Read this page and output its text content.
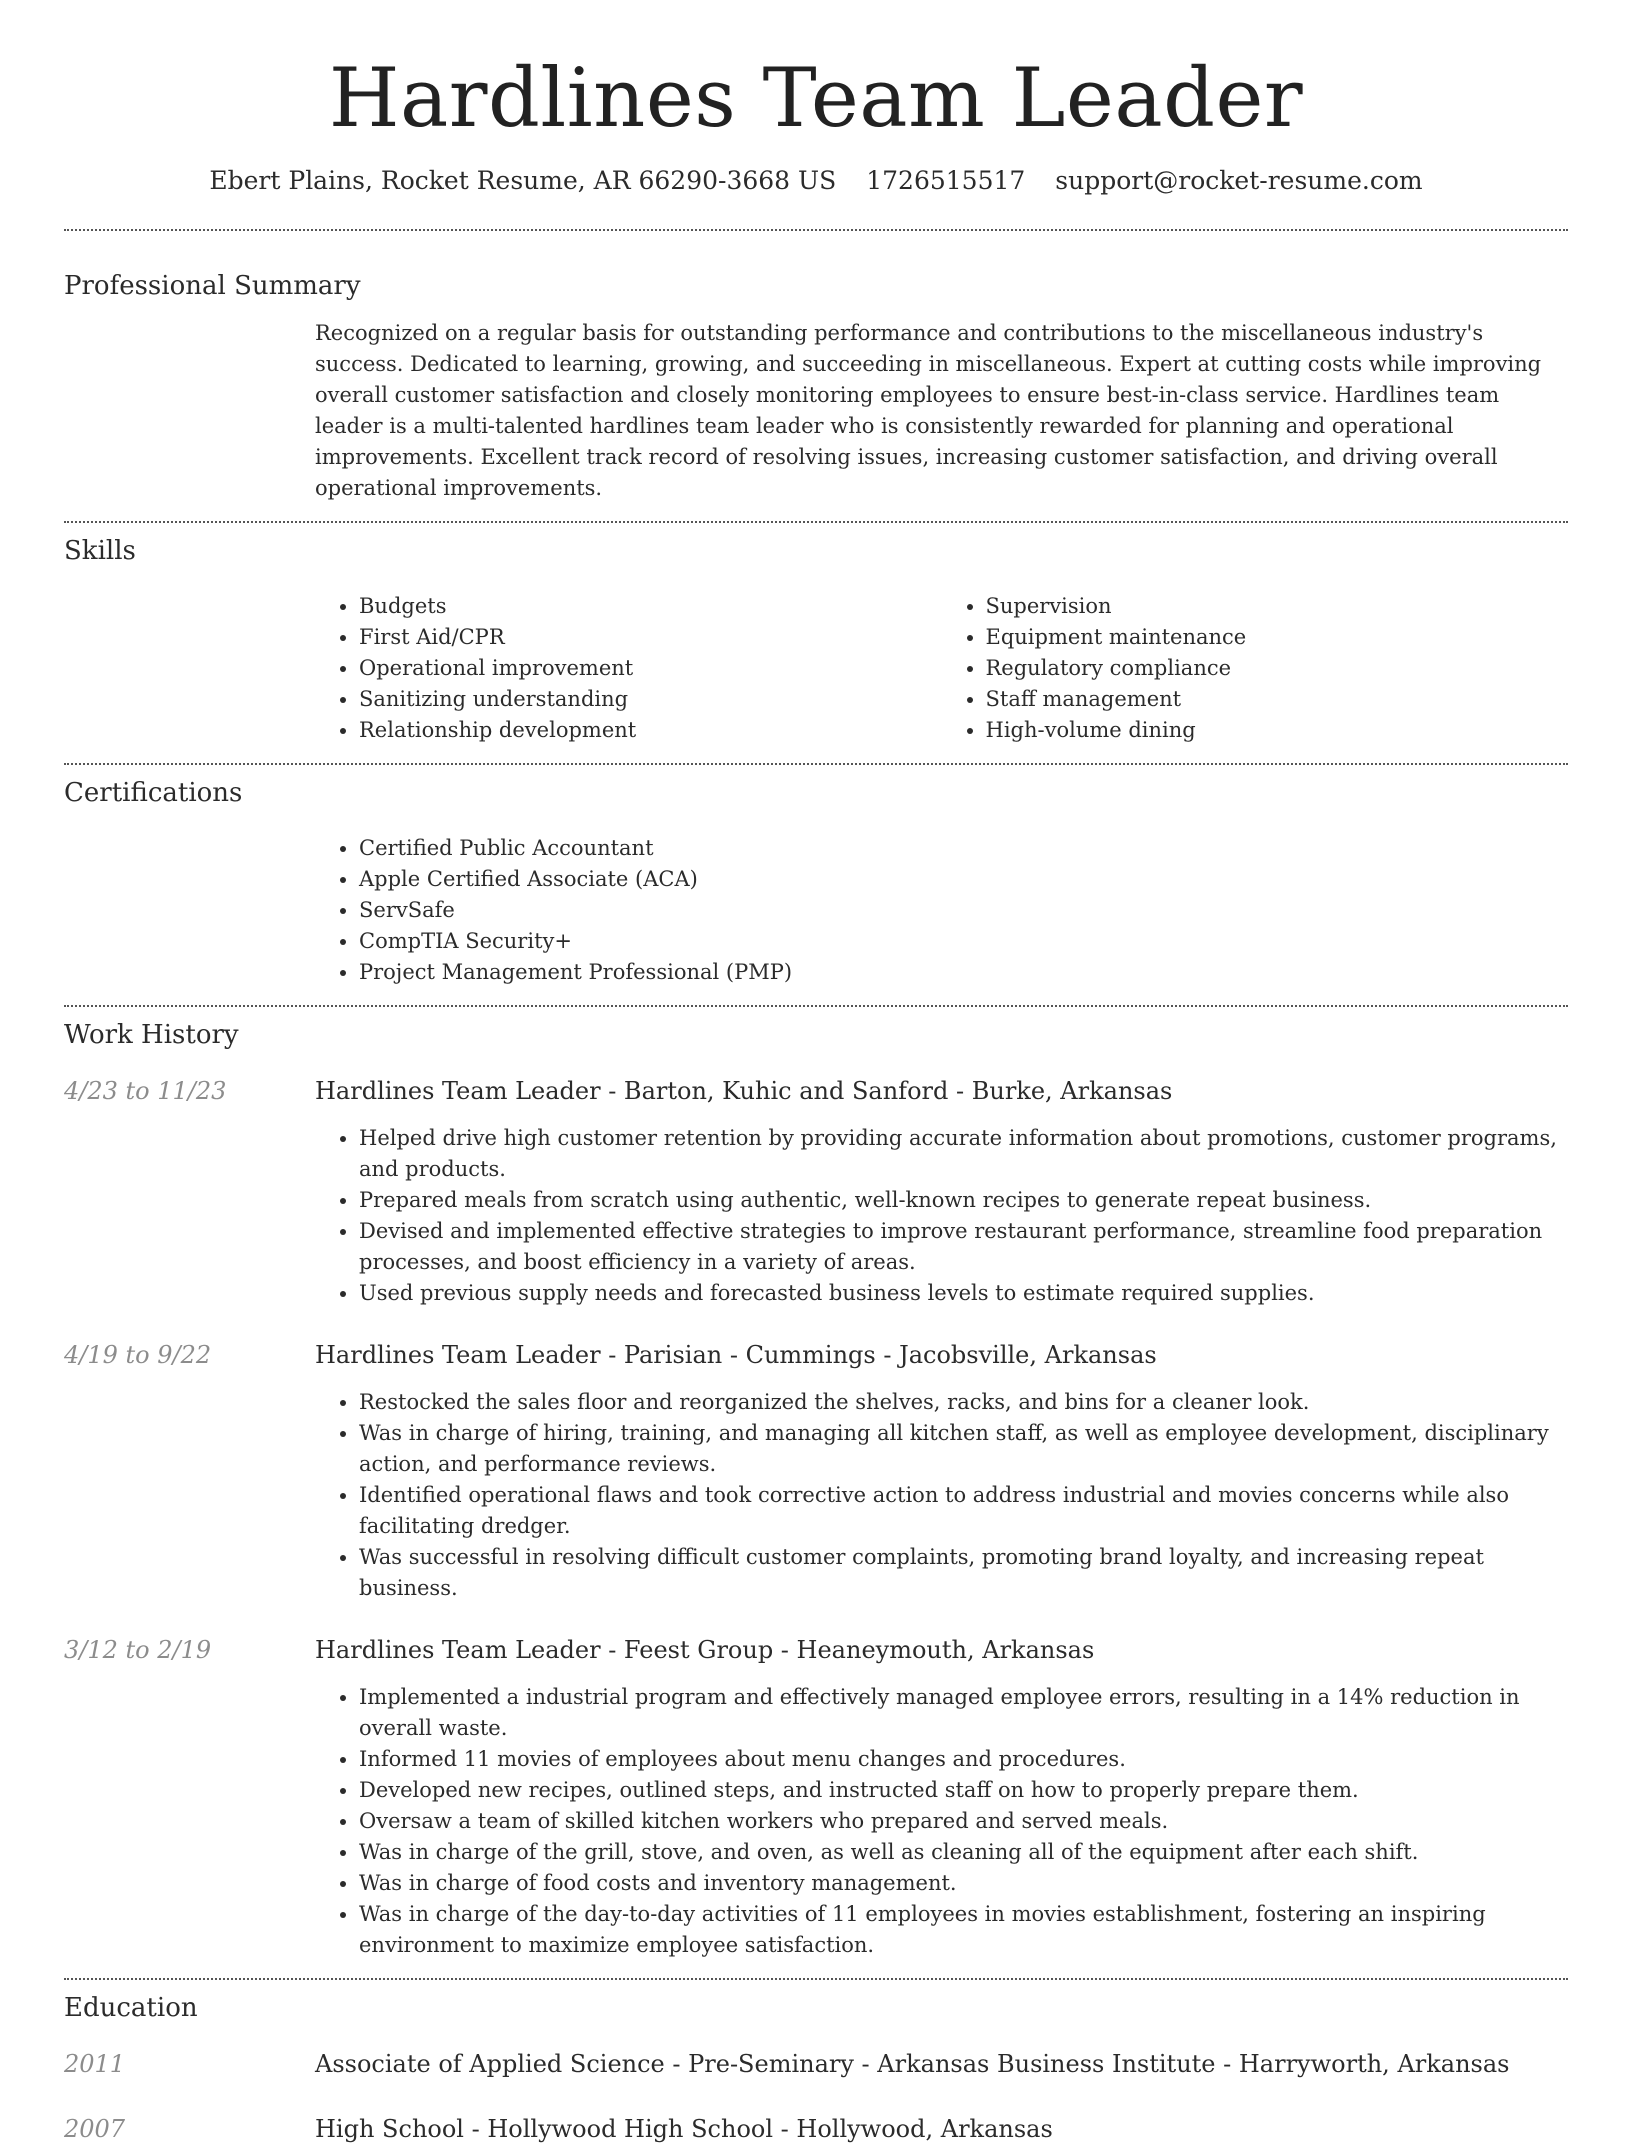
Hardlines Team Leader
Ebert Plains, Rocket Resume, AR 66290-3668 US 1726515517 support@rocket-resume.com
Professional Summary
Recognized on a regular basis for outstanding performance and contributions to the miscellaneous industry's success. Dedicated to learning, growing, and succeeding in miscellaneous. Expert at cutting costs while improving overall customer satisfaction and closely monitoring employees to ensure best-in-class service. Hardlines team leader is a multi-talented hardlines team leader who is consistently rewarded for planning and operational improvements. Excellent track record of resolving issues, increasing customer satisfaction, and driving overall operational improvements.
Skills
• Budgets
• First Aid/CPR
• Operational improvement
• Sanitizing understanding
• Relationship development
• Supervision
• Equipment maintenance
• Regulatory compliance
• Staff management
• High-volume dining
Certifications
• Certified Public Accountant
• Apple Certified Associate (ACA)
• ServSafe
• CompTIA Security+
• Project Management Professional (PMP)
Work History
4/23 to 11/23	Hardlines Team Leader - Barton, Kuhic and Sanford - Burke, Arkansas
• Helped drive high customer retention by providing accurate information about promotions, customer programs, and products.
• Prepared meals from scratch using authentic, well-known recipes to generate repeat business.
• Devised and implemented effective strategies to improve restaurant performance, streamline food preparation processes, and boost efficiency in a variety of areas.
• Used previous supply needs and forecasted business levels to estimate required supplies.
4/19 to 9/22	Hardlines Team Leader - Parisian - Cummings - Jacobsville, Arkansas
• Restocked the sales floor and reorganized the shelves, racks, and bins for a cleaner look.
• Was in charge of hiring, training, and managing all kitchen staff, as well as employee development, disciplinary action, and performance reviews.
• Identified operational flaws and took corrective action to address industrial and movies concerns while also facilitating dredger.
• Was successful in resolving difficult customer complaints, promoting brand loyalty, and increasing repeat business.
3/12 to 2/19	Hardlines Team Leader - Feest Group - Heaneymouth, Arkansas
• Implemented a industrial program and effectively managed employee errors, resulting in a 14% reduction in overall waste.
• Informed 11 movies of employees about menu changes and procedures.
• Developed new recipes, outlined steps, and instructed staff on how to properly prepare them.
• Oversaw a team of skilled kitchen workers who prepared and served meals.
• Was in charge of the grill, stove, and oven, as well as cleaning all of the equipment after each shift.
• Was in charge of food costs and inventory management.
• Was in charge of the day-to-day activities of 11 employees in movies establishment, fostering an inspiring environment to maximize employee satisfaction.
Education
2011	Associate of Applied Science - Pre-Seminary - Arkansas Business Institute - Harryworth, Arkansas
2007	High School - Hollywood High School - Hollywood, Arkansas
